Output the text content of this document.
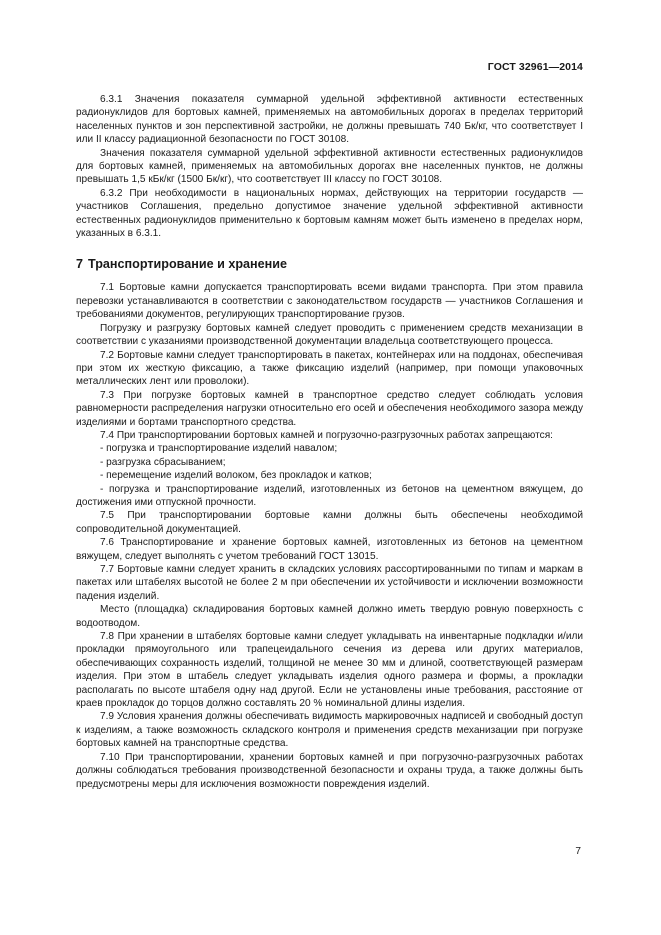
ГОСТ 32961—2014

6.3.1 Значения показателя суммарной удельной эффективной активности естественных радионуклидов для бортовых камней, применяемых на автомобильных дорогах в пределах территорий населенных пунктов и зон перспективной застройки, не должны превышать 740 Бк/кг, что соответствует I или II классу радиационной безопасности по ГОСТ 30108.

Значения показателя суммарной удельной эффективной активности естественных радионуклидов для бортовых камней, применяемых на автомобильных дорогах вне населенных пунктов, не должны превышать 1,5 кБк/кг (1500 Бк/кг), что соответствует III классу по ГОСТ 30108.

6.3.2 При необходимости в национальных нормах, действующих на территории государств — участников Соглашения, предельно допустимое значение удельной эффективной активности естественных радионуклидов применительно к бортовым камням может быть изменено в пределах норм, указанных в 6.3.1.

7 Транспортирование и хранение

7.1 Бортовые камни допускается транспортировать всеми видами транспорта. При этом правила перевозки устанавливаются в соответствии с законодательством государств — участников Соглашения и требованиями документов, регулирующих транспортирование грузов.

Погрузку и разгрузку бортовых камней следует проводить с применением средств механизации в соответствии с указаниями производственной документации владельца соответствующего процесса.

7.2 Бортовые камни следует транспортировать в пакетах, контейнерах или на поддонах, обеспечивая при этом их жесткую фиксацию, а также фиксацию изделий (например, при помощи упаковочных металлических лент или проволоки).

7.3 При погрузке бортовых камней в транспортное средство следует соблюдать условия равномерности распределения нагрузки относительно его осей и обеспечения необходимого зазора между изделиями и бортами транспортного средства.

7.4 При транспортировании бортовых камней и погрузочно-разгрузочных работах запрещаются:

- погрузка и транспортирование изделий навалом;

- разгрузка сбрасыванием;

- перемещение изделий волоком, без прокладок и катков;

- погрузка и транспортирование изделий, изготовленных из бетонов на цементном вяжущем, до достижения ими отпускной прочности.

7.5 При транспортировании бортовые камни должны быть обеспечены необходимой сопроводительной документацией.

7.6 Транспортирование и хранение бортовых камней, изготовленных из бетонов на цементном вяжущем, следует выполнять с учетом требований ГОСТ 13015.

7.7 Бортовые камни следует хранить в складских условиях рассортированными по типам и маркам в пакетах или штабелях высотой не более 2 м при обеспечении их устойчивости и исключении возможности падения изделий.

Место (площадка) складирования бортовых камней должно иметь твердую ровную поверхность с водоотводом.

7.8 При хранении в штабелях бортовые камни следует укладывать на инвентарные подкладки и/или прокладки прямоугольного или трапецеидального сечения из дерева или других материалов, обеспечивающих сохранность изделий, толщиной не менее 30 мм и длиной, соответствующей размерам изделия. При этом в штабель следует укладывать изделия одного размера и формы, а прокладки располагать по высоте штабеля одну над другой. Если не установлены иные требования, расстояние от краев прокладок до торцов должно составлять 20 % номинальной длины изделия.

7.9 Условия хранения должны обеспечивать видимость маркировочных надписей и свободный доступ к изделиям, а также возможность складского контроля и применения средств механизации при погрузке бортовых камней на транспортные средства.

7.10 При транспортировании, хранении бортовых камней и при погрузочно-разгрузочных работах должны соблюдаться требования производственной безопасности и охраны труда, а также должны быть предусмотрены меры для исключения возможности повреждения изделий.

7
